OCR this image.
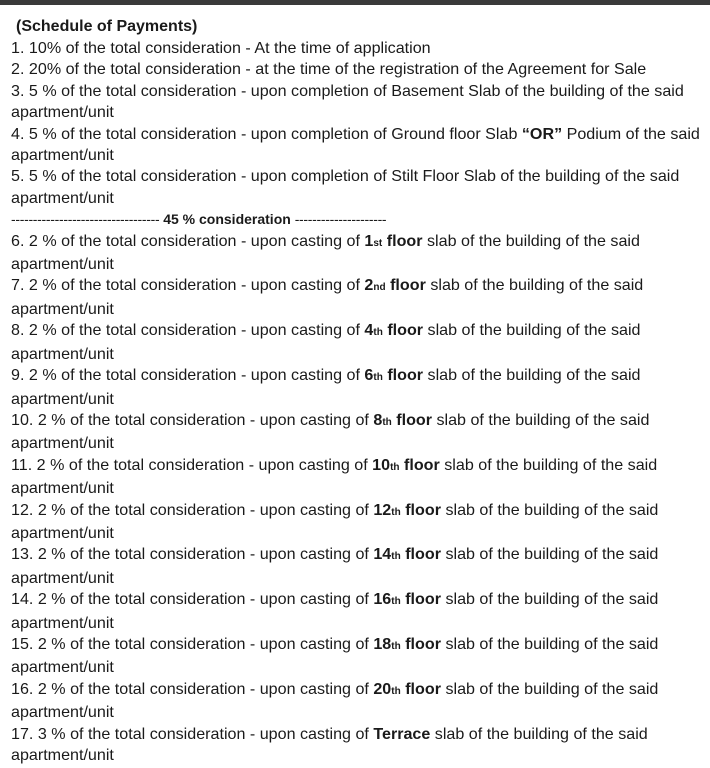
(Schedule of Payments)

1. 10% of the total consideration - At the time of application

2. 20% of the total consideration - at the time of the registration of the Agreement for Sale

3. 5 % of the total consideration - upon completion of Basement Slab of the building of the said apartment/unit

4. 5 % of the total consideration - upon completion of Ground floor Slab “OR” Podium of the said apartment/unit

5. 5 % of the total consideration - upon completion of Stilt Floor Slab of the building of the said apartment/unit

---------------------------------- 45 % consideration ---------------------

6. 2 % of the total consideration - upon casting of 1st floor slab of the building of the said apartment/unit

7. 2 % of the total consideration - upon casting of 2nd floor slab of the building of the said apartment/unit

8. 2 % of the total consideration - upon casting of 4th floor slab of the building of the said apartment/unit

9. 2 % of the total consideration - upon casting of 6th floor slab of the building of the said apartment/unit

10. 2 % of the total consideration - upon casting of 8th floor slab of the building of the said apartment/unit

11. 2 % of the total consideration - upon casting of 10th floor slab of the building of the said apartment/unit

12. 2 % of the total consideration - upon casting of 12th floor slab of the building of the said apartment/unit

13. 2 % of the total consideration - upon casting of 14th floor slab of the building of the said apartment/unit

14. 2 % of the total consideration - upon casting of 16th floor slab of the building of the said apartment/unit

15. 2 % of the total consideration - upon casting of 18th floor slab of the building of the said apartment/unit

16. 2 % of the total consideration - upon casting of 20th floor slab of the building of the said apartment/unit

17. 3 % of the total consideration - upon casting of Terrace slab of the building of the said apartment/unit
